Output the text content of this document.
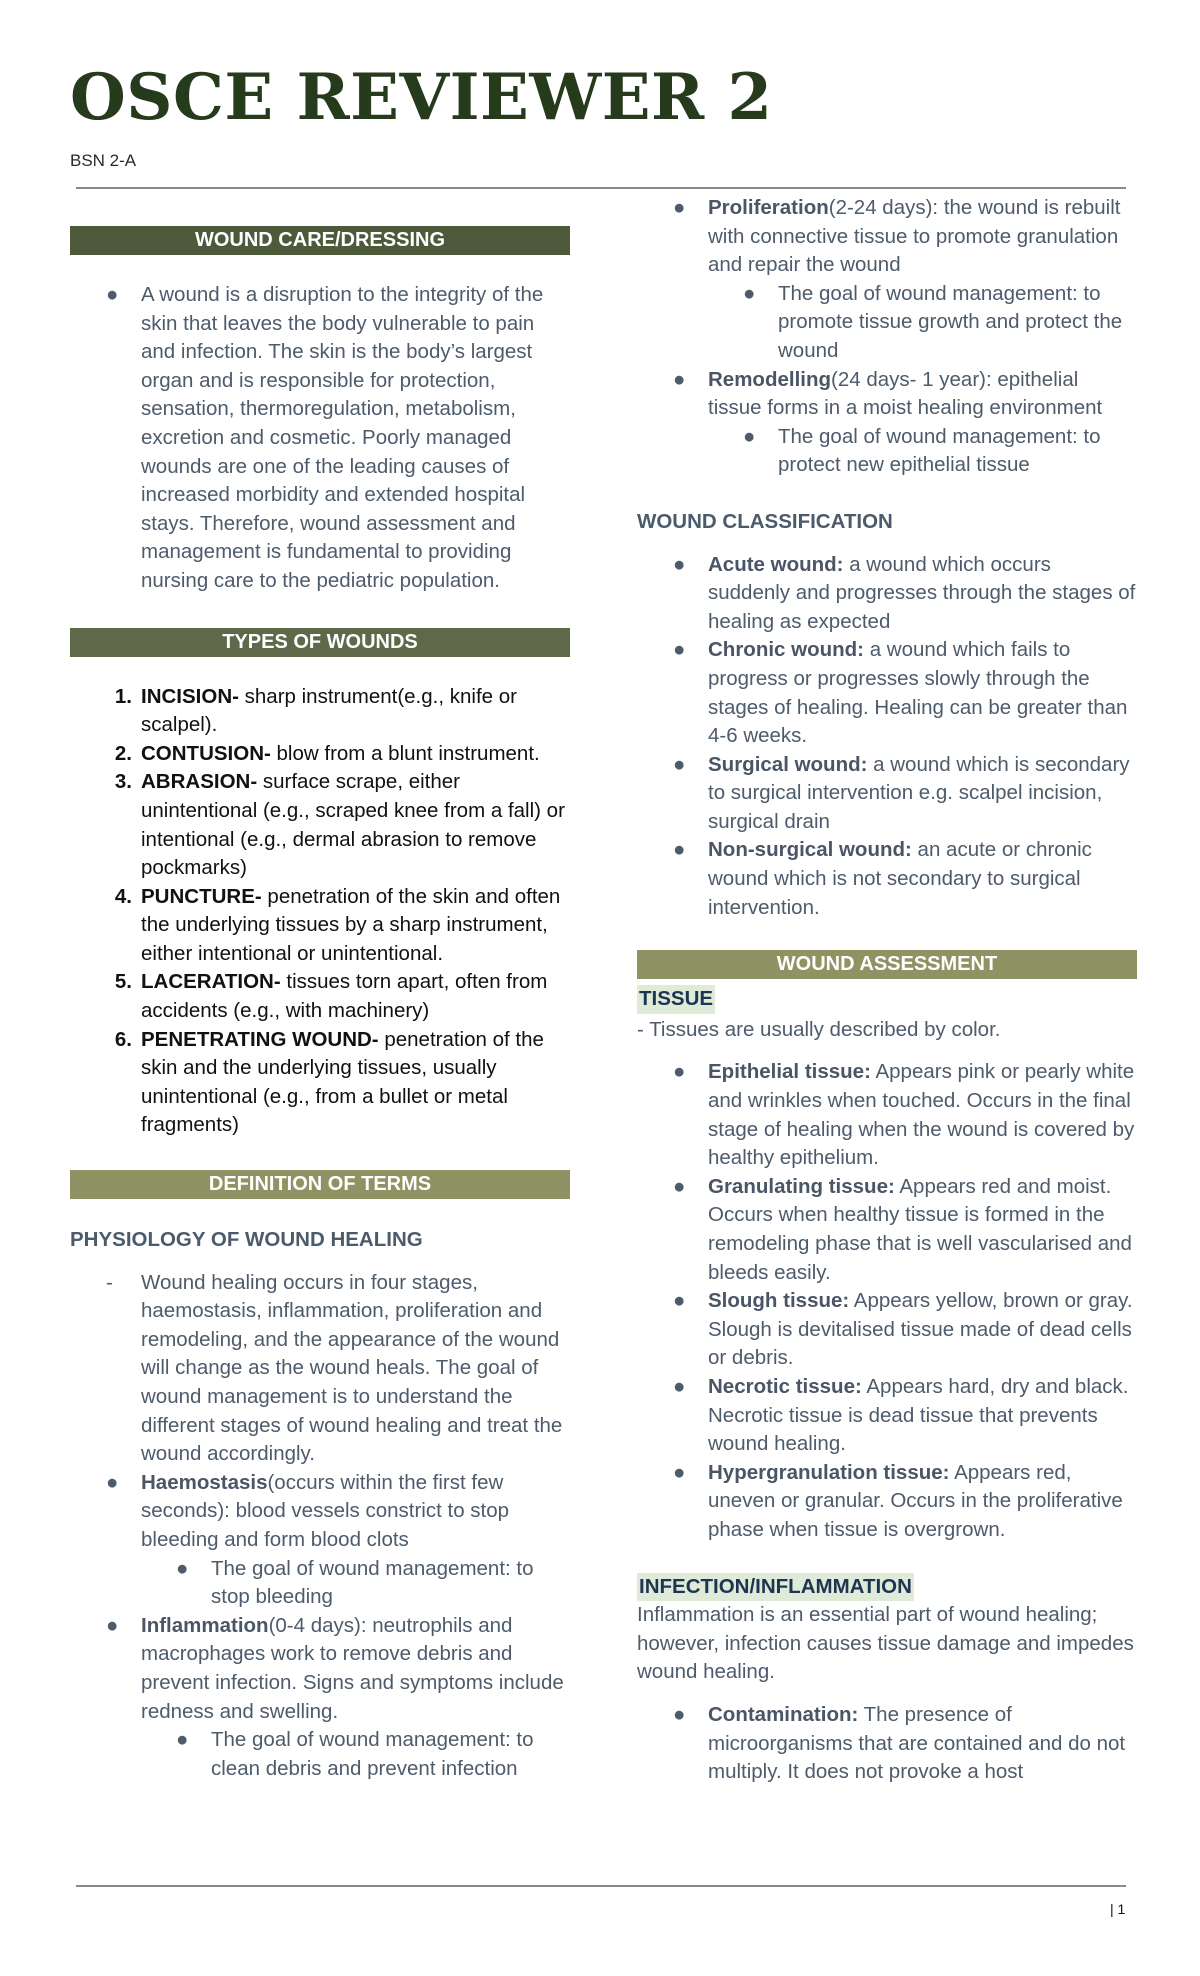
OSCE REVIEWER 2
BSN 2-A
WOUND CARE/DRESSING
●	A wound is a disruption to the integrity of the skin that leaves the body vulnerable to pain and infection. The skin is the body’s largest organ and is responsible for protection, sensation, thermoregulation, metabolism, excretion and cosmetic. Poorly managed wounds are one of the leading causes of increased morbidity and extended hospital stays. Therefore, wound assessment and management is fundamental to providing nursing care to the pediatric population.
TYPES OF WOUNDS
1. INCISION- sharp instrument(e.g., knife or scalpel).
2. CONTUSION- blow from a blunt instrument.
3. ABRASION- surface scrape, either unintentional (e.g., scraped knee from a fall) or intentional (e.g., dermal abrasion to remove pockmarks)
4. PUNCTURE- penetration of the skin and often the underlying tissues by a sharp instrument, either intentional or unintentional.
5. LACERATION- tissues torn apart, often from accidents (e.g., with machinery)
6. PENETRATING WOUND- penetration of the skin and the underlying tissues, usually unintentional (e.g., from a bullet or metal fragments)
DEFINITION OF TERMS
PHYSIOLOGY OF WOUND HEALING
-	Wound healing occurs in four stages, haemostasis, inflammation, proliferation and remodeling, and the appearance of the wound will change as the wound heals. The goal of wound management is to understand the different stages of wound healing and treat the wound accordingly.
●	Haemostasis(occurs within the first few seconds): blood vessels constrict to stop bleeding and form blood clots
●	The goal of wound management: to stop bleeding
●	Inflammation(0-4 days): neutrophils and macrophages work to remove debris and prevent infection. Signs and symptoms include redness and swelling.
●	The goal of wound management: to clean debris and prevent infection
●	Proliferation(2-24 days): the wound is rebuilt with connective tissue to promote granulation and repair the wound
●	The goal of wound management: to promote tissue growth and protect the wound
●	Remodelling(24 days- 1 year): epithelial tissue forms in a moist healing environment
●	The goal of wound management: to protect new epithelial tissue
WOUND CLASSIFICATION
●	Acute wound: a wound which occurs suddenly and progresses through the stages of healing as expected
●	Chronic wound: a wound which fails to progress or progresses slowly through the stages of healing. Healing can be greater than 4-6 weeks.
●	Surgical wound: a wound which is secondary to surgical intervention e.g. scalpel incision, surgical drain
●	Non-surgical wound: an acute or chronic wound which is not secondary to surgical intervention.
WOUND ASSESSMENT
TISSUE
- Tissues are usually described by color.
●	Epithelial tissue: Appears pink or pearly white and wrinkles when touched. Occurs in the final stage of healing when the wound is covered by healthy epithelium.
●	Granulating tissue: Appears red and moist. Occurs when healthy tissue is formed in the remodeling phase that is well vascularised and bleeds easily.
●	Slough tissue: Appears yellow, brown or gray. Slough is devitalised tissue made of dead cells or debris.
●	Necrotic tissue: Appears hard, dry and black. Necrotic tissue is dead tissue that prevents wound healing.
●	Hypergranulation tissue: Appears red, uneven or granular. Occurs in the proliferative phase when tissue is overgrown.
INFECTION/INFLAMMATION
Inflammation is an essential part of wound healing; however, infection causes tissue damage and impedes wound healing.
●	Contamination: The presence of microorganisms that are contained and do not multiply. It does not provoke a host
| 1
